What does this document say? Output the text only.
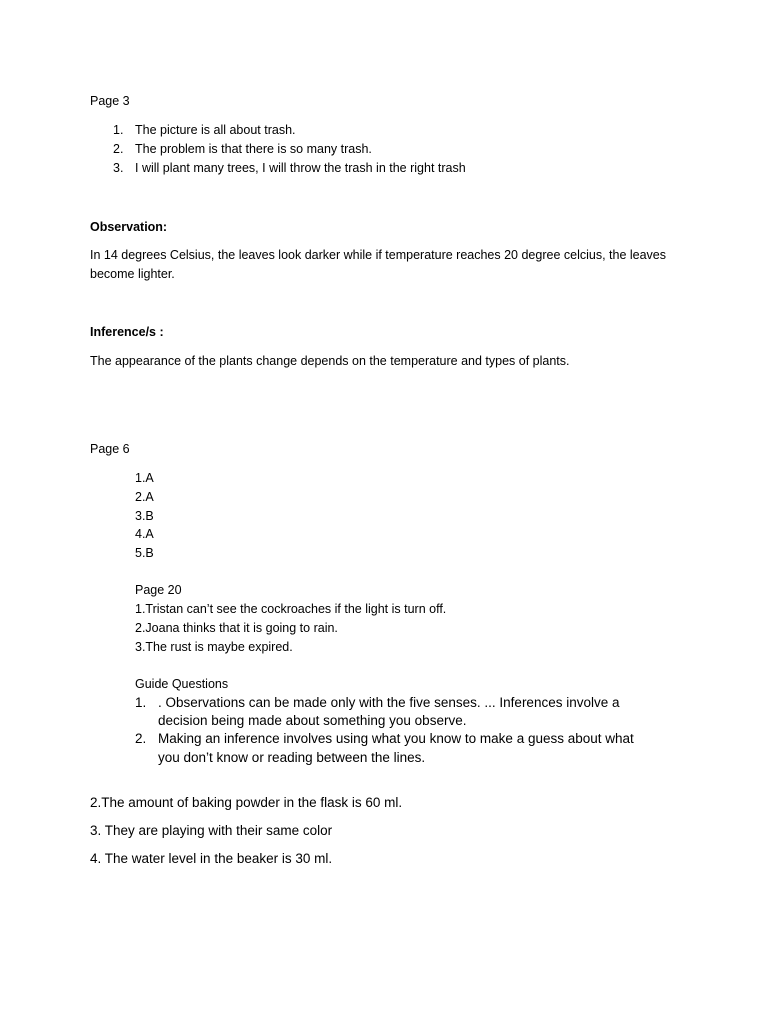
Page 3
1. The picture is all about trash.
2. The problem is that there is so many trash.
3. I will plant many trees, I will throw the trash in the right trash
Observation:
In 14 degrees Celsius, the leaves look darker while if temperature reaches 20 degree celcius, the leaves
become lighter.
Inference/s :
The appearance of the plants change depends on the temperature and types of plants.
Page 6
1.A
2.A
3.B
4.A
5.B
Page 20
1.Tristan can’t see the cockroaches if the light is turn off.
2.Joana thinks that it is going to rain.
3.The rust is maybe expired.
Guide Questions
1. . Observations can be made only with the five senses. ... Inferences involve a
decision being made about something you observe.
2. Making an inference involves using what you know to make a guess about what
you don’t know or reading between the lines.
2.The amount of baking powder in the flask is 60 ml.
3. They are playing with their same color
4. The water level in the beaker is 30 ml.
